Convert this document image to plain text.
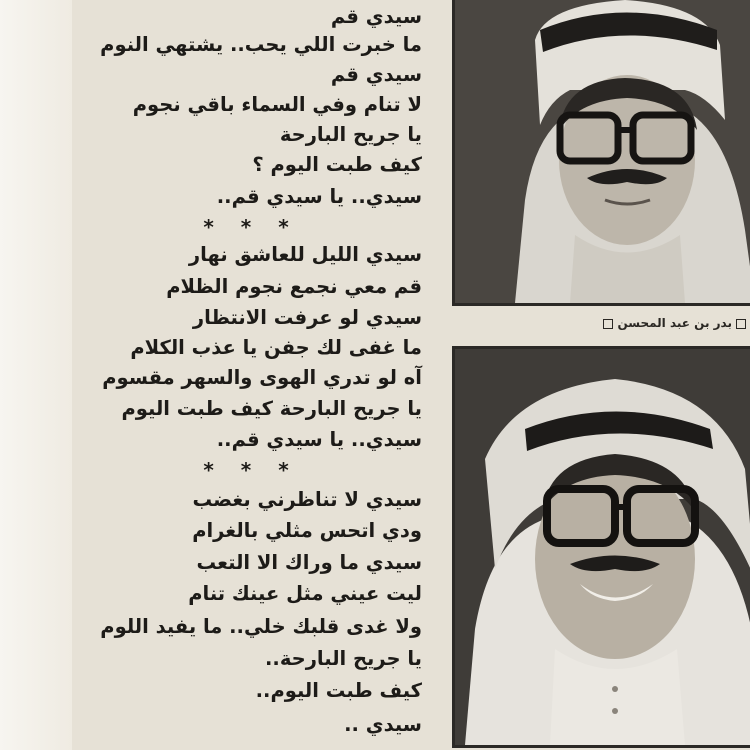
سيدي قم
ما خبرت اللي يحب.. يشتهي النوم
سيدي قم
لا تنام وفي السماء باقي نجوم
يا جريح البارحة
كيف طبت اليوم ؟
سيدي.. يا سيدي قم..
* * *
سيدي الليل للعاشق نهار
قم معي نجمع نجوم الظلام
سيدي لو عرفت الانتظار
ما غفى لك جفن يا عذب الكلام
آه لو تدري الهوى والسهر مقسوم
يا جريح البارحة كيف طبت اليوم
سيدي.. يا سيدي قم..
* * *
سيدي لا تناظرني بغضب
ودي اتحس مثلي بالغرام
سيدي ما وراك الا التعب
ليت عيني مثل عينك تنام
ولا غدى قلبك خلي.. ما يفيد اللوم
يا جريح البارحة..
كيف طبت اليوم..
سيدي ..
بدر بن عبد المحسن
